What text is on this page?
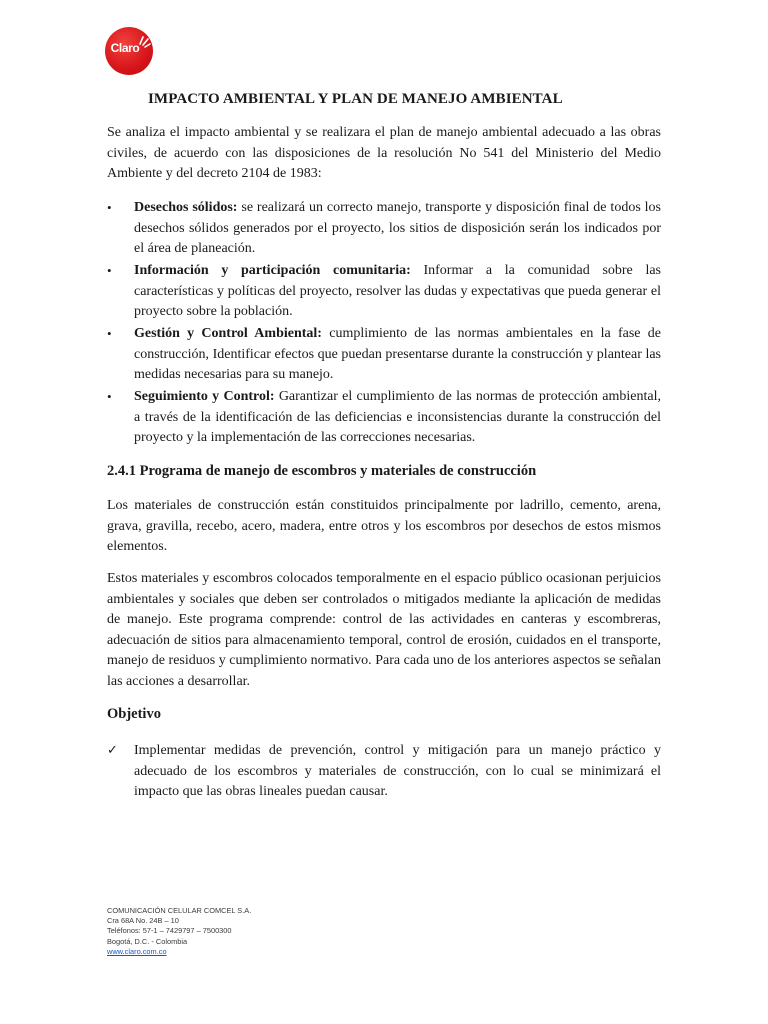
Claro
IMPACTO AMBIENTAL Y PLAN DE MANEJO AMBIENTAL

Se analiza el impacto ambiental y se realizara el plan de manejo ambiental adecuado a las obras civiles, de acuerdo con las disposiciones de la resolución No 541 del Ministerio del Medio Ambiente y del decreto 2104 de 1983:

• Desechos sólidos: se realizará un correcto manejo, transporte y disposición final de todos los desechos sólidos generados por el proyecto, los sitios de disposición serán los indicados por el área de planeación.
• Información y participación comunitaria: Informar a la comunidad sobre las características y políticas del proyecto, resolver las dudas y expectativas que pueda generar el proyecto sobre la población.
• Gestión y Control Ambiental: cumplimiento de las normas ambientales en la fase de construcción, Identificar efectos que puedan presentarse durante la construcción y plantear las medidas necesarias para su manejo.
• Seguimiento y Control: Garantizar el cumplimiento de las normas de protección ambiental, a través de la identificación de las deficiencias e inconsistencias durante la construcción del proyecto y la implementación de las correcciones necesarias.
2.4.1 Programa de manejo de escombros y materiales de construcción

Los materiales de construcción están constituidos principalmente por ladrillo, cemento, arena, grava, gravilla, recebo, acero, madera, entre otros y los escombros por desechos de estos mismos elementos.

Estos materiales y escombros colocados temporalmente en el espacio público ocasionan perjuicios ambientales y sociales que deben ser controlados o mitigados mediante la aplicación de medidas de manejo. Este programa comprende: control de las actividades en canteras y escombreras, adecuación de sitios para almacenamiento temporal, control de erosión, cuidados en el transporte, manejo de residuos y cumplimiento normativo. Para cada uno de los anteriores aspectos se señalan las acciones a desarrollar.

Objetivo
✓ Implementar medidas de prevención, control y mitigación para un manejo práctico y adecuado de los escombros y materiales de construcción, con lo cual se minimizará el impacto que las obras lineales puedan causar.
COMUNICACIÓN CELULAR COMCEL S.A.
Cra 68A No. 24B – 10
Teléfonos: 57-1 – 7429797 – 7500300
Bogotá, D.C. - Colombia
www.claro.com.co
